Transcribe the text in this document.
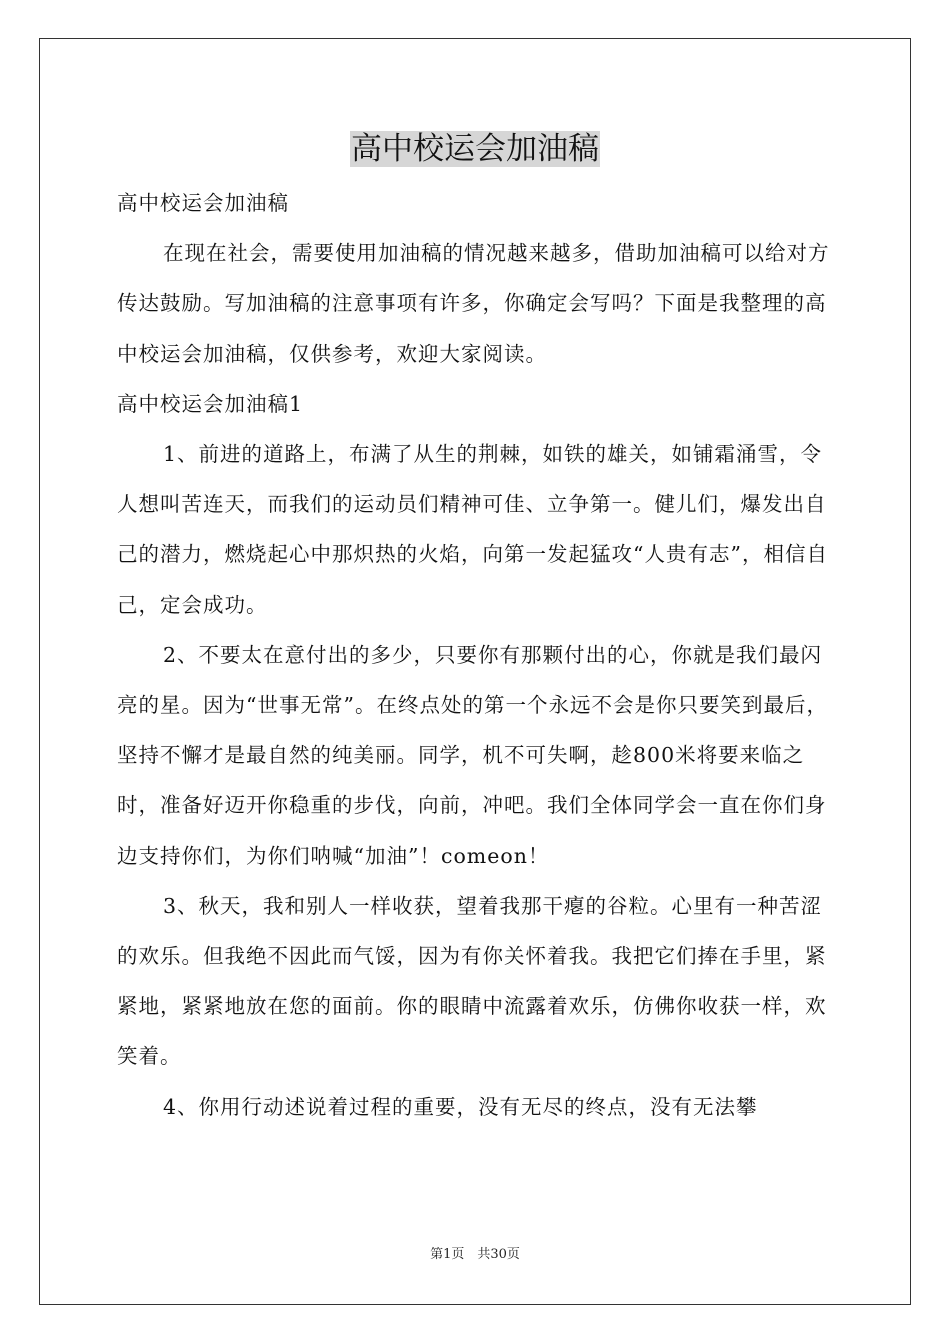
高中校运会加油稿

高中校运会加油稿

在现在社会，需要使用加油稿的情况越来越多，借助加油稿可以给对方传达鼓励。写加油稿的注意事项有许多，你确定会写吗？下面是我整理的高中校运会加油稿，仅供参考，欢迎大家阅读。

高中校运会加油稿1

1、前进的道路上，布满了从生的荆棘，如铁的雄关，如铺霜涌雪，令人想叫苦连天，而我们的运动员们精神可佳、立争第一。健儿们，爆发出自己的潜力，燃烧起心中那炽热的火焰，向第一发起猛攻“人贵有志”，相信自己，定会成功。

2、不要太在意付出的多少，只要你有那颗付出的心，你就是我们最闪亮的星。因为“世事无常”。在终点处的第一个永远不会是你只要笑到最后，坚持不懈才是最自然的纯美丽。同学，机不可失啊，趁800米将要来临之时，准备好迈开你稳重的步伐，向前，冲吧。我们全体同学会一直在你们身边支持你们，为你们呐喊“加油”！comeon！

3、秋天，我和别人一样收获，望着我那干瘪的谷粒。心里有一种苦涩的欢乐。但我绝不因此而气馁，因为有你关怀着我。我把它们捧在手里，紧紧地，紧紧地放在您的面前。你的眼睛中流露着欢乐，仿佛你收获一样，欢笑着。

4、你用行动述说着过程的重要，没有无尽的终点，没有无法攀

第1页　共30页
